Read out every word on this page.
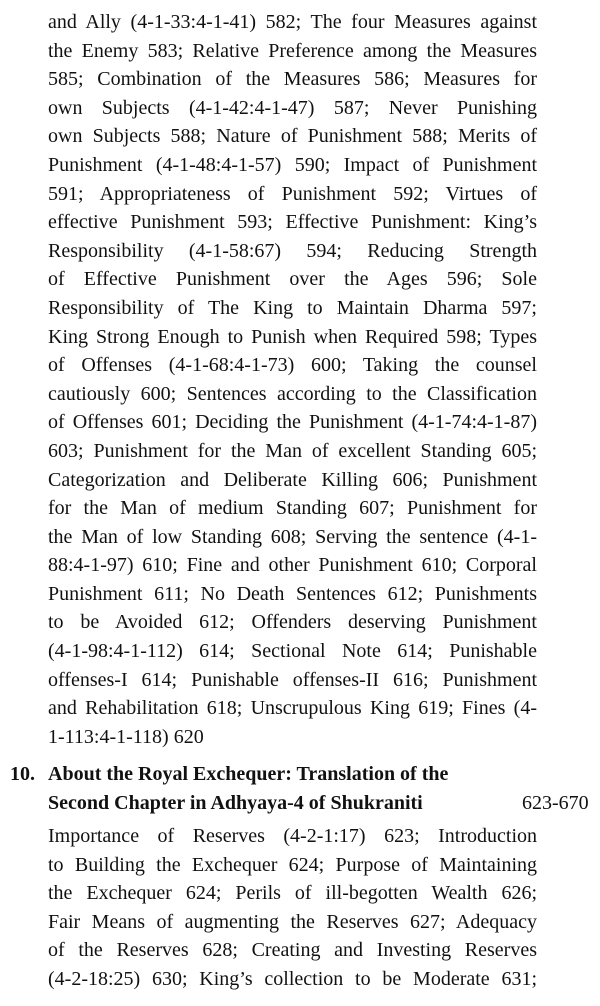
and Ally (4-1-33:4-1-41) 582; The four Measures against
the Enemy 583; Relative Preference among the Measures
585; Combination of the Measures 586; Measures for
own Subjects (4-1-42:4-1-47) 587; Never Punishing
own Subjects 588; Nature of Punishment 588; Merits of
Punishment (4-1-48:4-1-57) 590; Impact of Punishment
591; Appropriateness of Punishment 592; Virtues of
effective Punishment 593; Effective Punishment: King’s
Responsibility (4-1-58:67) 594; Reducing Strength
of Effective Punishment over the Ages 596; Sole
Responsibility of The King to Maintain Dharma 597;
King Strong Enough to Punish when Required 598; Types
of Offenses (4-1-68:4-1-73) 600; Taking the counsel
cautiously 600; Sentences according to the Classification
of Offenses 601; Deciding the Punishment (4-1-74:4-1-87)
603; Punishment for the Man of excellent Standing 605;
Categorization and Deliberate Killing 606; Punishment
for the Man of medium Standing 607; Punishment for
the Man of low Standing 608; Serving the sentence (4-1-
88:4-1-97) 610; Fine and other Punishment 610; Corporal
Punishment 611; No Death Sentences 612; Punishments
to be Avoided 612; Offenders deserving Punishment
(4-1-98:4-1-112) 614; Sectional Note 614; Punishable
offenses-I 614; Punishable offenses-II 616; Punishment
and Rehabilitation 618; Unscrupulous King 619; Fines (4-
1-113:4-1-118) 620
10. About the Royal Exchequer: Translation of the
Second Chapter in Adhyaya-4 of Shukraniti	623-670
Importance of Reserves (4-2-1:17) 623; Introduction
to Building the Exchequer 624; Purpose of Maintaining
the Exchequer 624; Perils of ill-begotten Wealth 626;
Fair Means of augmenting the Reserves 627; Adequacy
of the Reserves 628; Creating and Investing Reserves
(4-2-18:25) 630; King’s collection to be Moderate 631;
